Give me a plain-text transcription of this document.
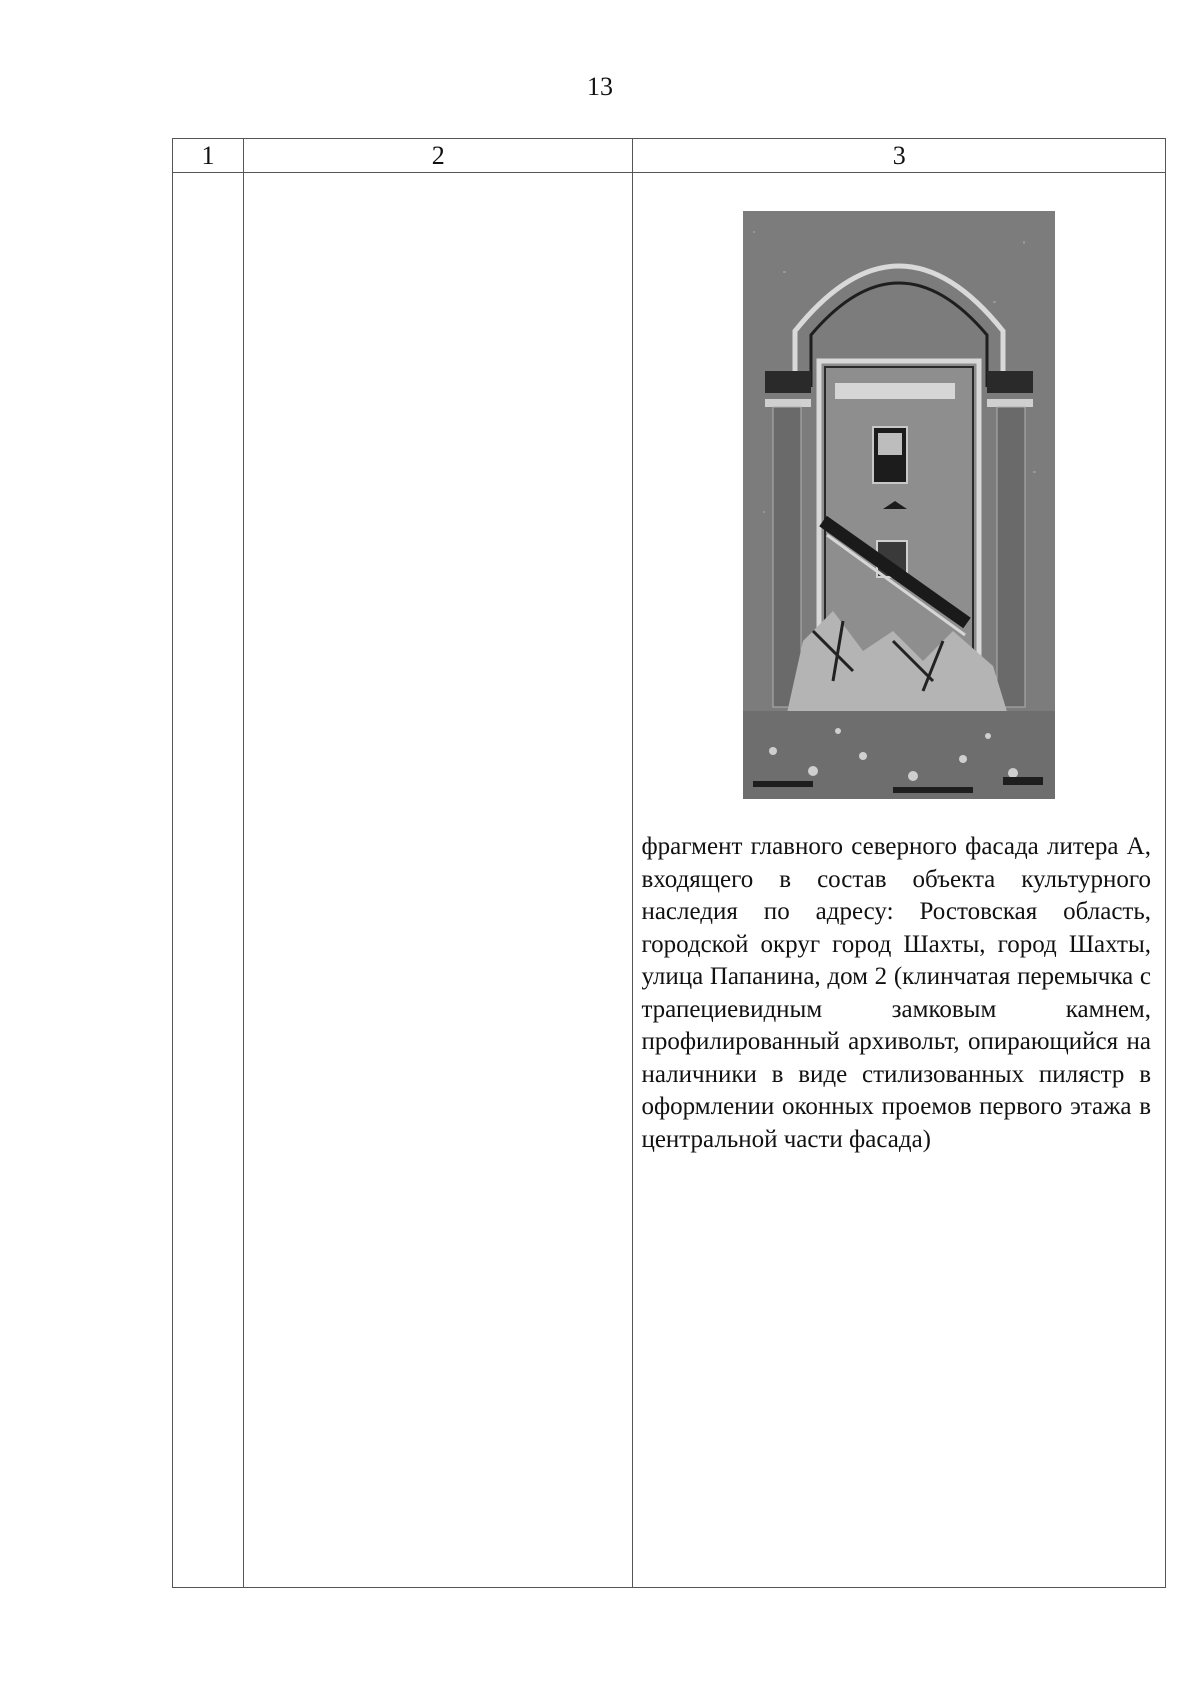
13
1	2	3

		фрагмент главного северного фасада литера А, входящего в состав объекта культурного наследия по адресу: Ростовская область, городской округ город Шахты, город Шахты, улица Папанина, дом 2 (клинчатая перемычка с трапециевидным замковым камнем, профилированный архивольт, опирающийся на наличники в виде стилизованных пилястр в оформлении оконных проемов первого этажа в центральной части фасада)
